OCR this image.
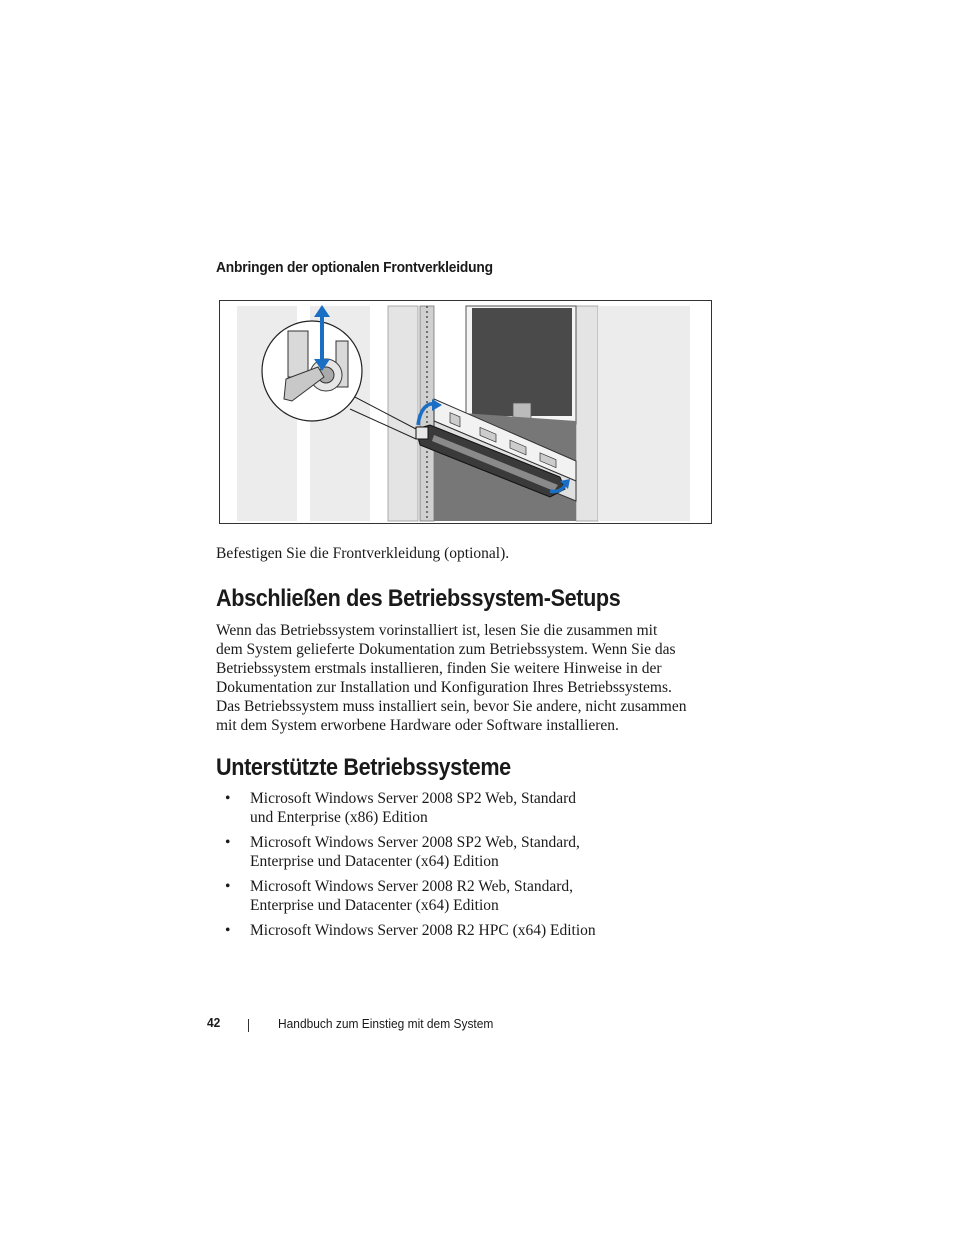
Anbringen der optionalen Frontverkleidung
Befestigen Sie die Frontverkleidung (optional).
Abschließen des Betriebssystem-Setups

Wenn das Betriebssystem vorinstalliert ist, lesen Sie die zusammen mit
dem System gelieferte Dokumentation zum Betriebssystem. Wenn Sie das
Betriebssystem erstmals installieren, finden Sie weitere Hinweise in der
Dokumentation zur Installation und Konfiguration Ihres Betriebssystems.
Das Betriebssystem muss installiert sein, bevor Sie andere, nicht zusammen
mit dem System erworbene Hardware oder Software installieren.

Unterstützte Betriebssysteme
• Microsoft Windows Server 2008 SP2 Web, Standard
und Enterprise (x86) Edition
• Microsoft Windows Server 2008 SP2 Web, Standard,
Enterprise und Datacenter (x64) Edition
• Microsoft Windows Server 2008 R2 Web, Standard,
Enterprise und Datacenter (x64) Edition
• Microsoft Windows Server 2008 R2 HPC (x64) Edition
42	Handbuch zum Einstieg mit dem System
